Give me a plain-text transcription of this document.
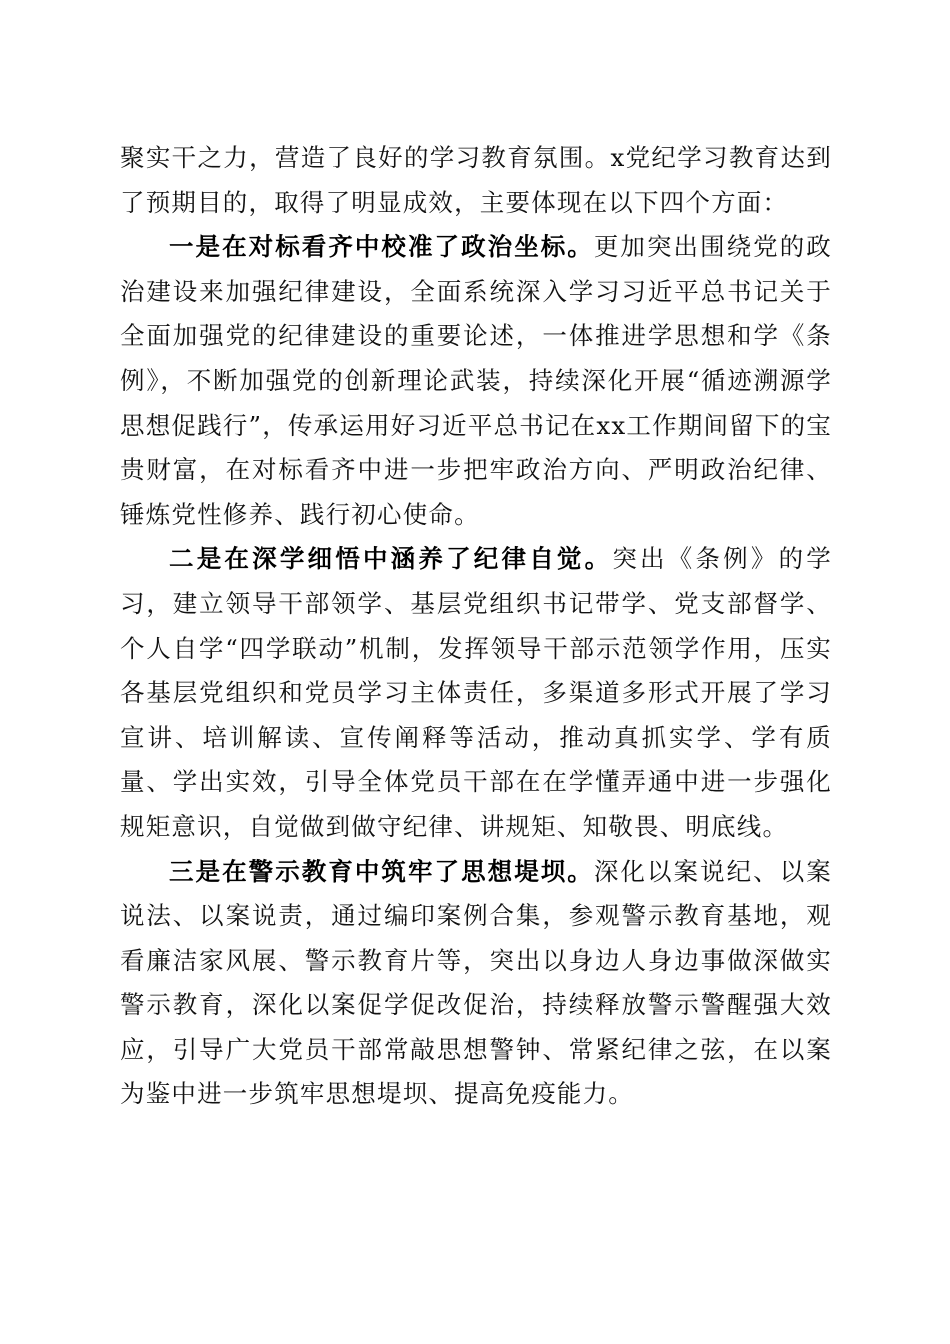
聚实干之力，营造了良好的学习教育氛围。x党纪学习教育达到了预期目的，取得了明显成效，主要体现在以下四个方面：

一是在对标看齐中校准了政治坐标。更加突出围绕党的政治建设来加强纪律建设，全面系统深入学习习近平总书记关于全面加强党的纪律建设的重要论述，一体推进学思想和学《条例》，不断加强党的创新理论武装，持续深化开展“循迹溯源学思想促践行”，传承运用好习近平总书记在xx工作期间留下的宝贵财富，在对标看齐中进一步把牢政治方向、严明政治纪律、锤炼党性修养、践行初心使命。

二是在深学细悟中涵养了纪律自觉。突出《条例》的学习，建立领导干部领学、基层党组织书记带学、党支部督学、个人自学“四学联动”机制，发挥领导干部示范领学作用，压实各基层党组织和党员学习主体责任，多渠道多形式开展了学习宣讲、培训解读、宣传阐释等活动，推动真抓实学、学有质量、学出实效，引导全体党员干部在在学懂弄通中进一步强化规矩意识，自觉做到做守纪律、讲规矩、知敬畏、明底线。

三是在警示教育中筑牢了思想堤坝。深化以案说纪、以案说法、以案说责，通过编印案例合集，参观警示教育基地，观看廉洁家风展、警示教育片等，突出以身边人身边事做深做实警示教育，深化以案促学促改促治，持续释放警示警醒强大效应，引导广大党员干部常敲思想警钟、常紧纪律之弦，在以案为鉴中进一步筑牢思想堤坝、提高免疫能力。
